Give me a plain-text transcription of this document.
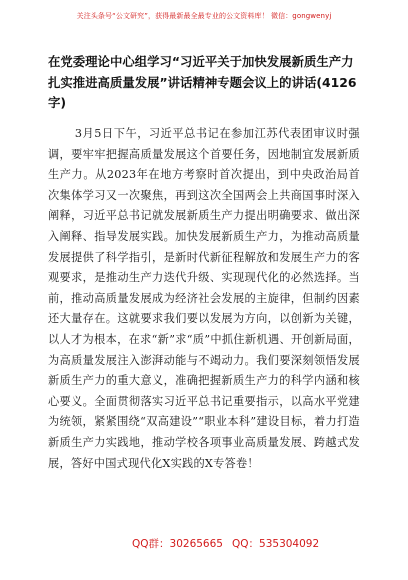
关注头条号“公文研究”，获得最新最全最专业的公文资料库！ 微信：gongwenyj
在党委理论中心组学习“习近平关于加快发展新质生产力扎实推进高质量发展”讲话精神专题会议上的讲话(4126字)
3月5日下午，习近平总书记在参加江苏代表团审议时强调，要牢牢把握高质量发展这个首要任务，因地制宜发展新质生产力。从2023年在地方考察时首次提出，到中央政治局首次集体学习又一次聚焦，再到这次全国两会上共商国事时深入阐释，习近平总书记就发展新质生产力提出明确要求、做出深入阐释、指导发展实践。加快发展新质生产力，为推动高质量发展提供了科学指引，是新时代新征程解放和发展生产力的客观要求，是推动生产力迭代升级、实现现代化的必然选择。当前，推动高质量发展成为经济社会发展的主旋律，但制约因素还大量存在。这就要求我们要以发展为方向，以创新为关键，以人才为根本，在求“新”求“质”中抓住新机遇、开创新局面，为高质量发展注入澎湃动能与不竭动力。我们要深刻领悟发展新质生产力的重大意义，准确把握新质生产力的科学内涵和核心要义。全面贯彻落实习近平总书记重要指示，以高水平党建为统领，紧紧围绕“双高建设”“职业本科”建设目标，着力打造新质生产力实践地，推动学校各项事业高质量发展、跨越式发展，答好中国式现代化X实践的X专答卷！
QQ群：30265665 QQ：535304092
